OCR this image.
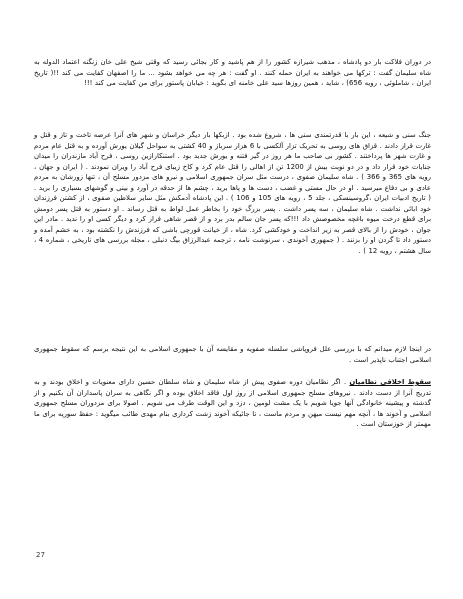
در دوران فلاکت بار دو پادشاه ، مذهب شیرازه کشور را از هم پاشید و کار بجائی رسید که وقتی شیخ علی خان زنگنه اعتماد الدوله به شاه سلیمان گفت : ترکها می خواهند به ایران حمله کنند . او گفت : هر چه می خواهد بشود ... ما را اصفهان کفایت می کند !!( تاریخ ایران ، شاملوئی ، رویه 656) ، شاید ، همین روزها سید علی خامنه ای بگوید : خیابان پاستور برای من کفایت می کند !!!
جنگ سنی و شیعه ، این بار با قدرتمندی سنی ها ، شروع شده بود . ازبکها بار دیگر خراسان و شهر های آنرا عرصه تاخت و تاز و قتل و غارت قرار دادند . قزاق های روسی به تحریک تزار آلکسی با 6 هزار سرباز و 40 کشتی به سواحل گیلان یورش آورده و به قتل عام مردم و غارت شهر ها پرداختند . کشور بی صاحب ما هر روز در گیر فتنه و یورش جدید بود . استنکارازین روسی ، فرح آباد مازندران را میدان جنایات خود قرار داد و در دو نوبت بیش از 1200 تن از اهالی را قتل عام کرد و کاخ زیبای فرح آباد را ویران نمودند . ( ایران و جهان ، رویه های 365 و 366 ) . شاه سلیمان صفوی ، درست مثل سران جمهوری اسلامی و نیرو های مزدور مسلح آن ، تنها زورشان به مردم عادی و بی دفاع میرسید . او در حال مستی و غضب ، دست ها و پاها برید ، چشم ها از حدقه در آورد و بینی و گوشهای بسیاری را برید . ( تاریخ ادبیات ایران ،گروسینسکی ، جلد 5 ، رویه های 105 و 106 ) . این پادشاه آدمکش مثل سایر سلاطین صفوی ، از کشتن فرزندان خود ابائی نداشت . شاه سلیمان ، سه پسر داشت . پسر بزرگ خود را بخاطر عمل لواط به قتل رساند . او دستور به قتل پسر دومش برای قطع درخت میوه باغچه مخصوصش داد !!!که پسر جان سالم بدر برد و از قصر شاهی فرار کرد و دیگر کسی او را ندید . مادر این جوان ، خودش را از بالای قصر به زیر انداخت و خودکشی کرد. شاه ، از خیانت قورچی باشی که فرزندش را نکشته بود ، به خشم آمده و دستور داد تا گردن او را بزنند . ( جمهوری آخوندی ، سرنوشت نامه ، ترجمه عبدالرزاق بیگ دنبلی ، مجله بررسی های تاریخی ، شماره 4 ، سال هشتم ، رویه 12 ) .
در اینجا لازم میدانم که با بررسی علل فروپاشی سلسله صفویه و مقایسه آن با جمهوری اسلامی به این نتیجه برسم که سقوط جمهوری اسلامی اجتناب ناپذیر است .
سقوط اخلاقی نظامیان . اگر نظامیان دوره صفوی پیش از شاه سلیمان و شاه سلطان حسین دارای معنویات و اخلاق بودند و به تدریج آنرا از دست دادند . نیروهای مسلح جمهوری اسلامی از روز اول فاقد اخلاق بوده و اگر نگاهی به سران پاسداران آن بکنیم و از گذشته و پیشینه خانوادگی آنها جویا شویم با یک مشت لومپن ، دزد و این الوقت طرف می شویم . اصولا برای مزدوران مسلح جمهوری اسلامی و آخوند ها ، آنچه مهم نیست میهن و مردم ماست ، تا جائیکه آخوند زشت کرداری بنام مهدی طائب میگوید : حفظ سوریه برای ما مهمتر از خوزستان است .
27
